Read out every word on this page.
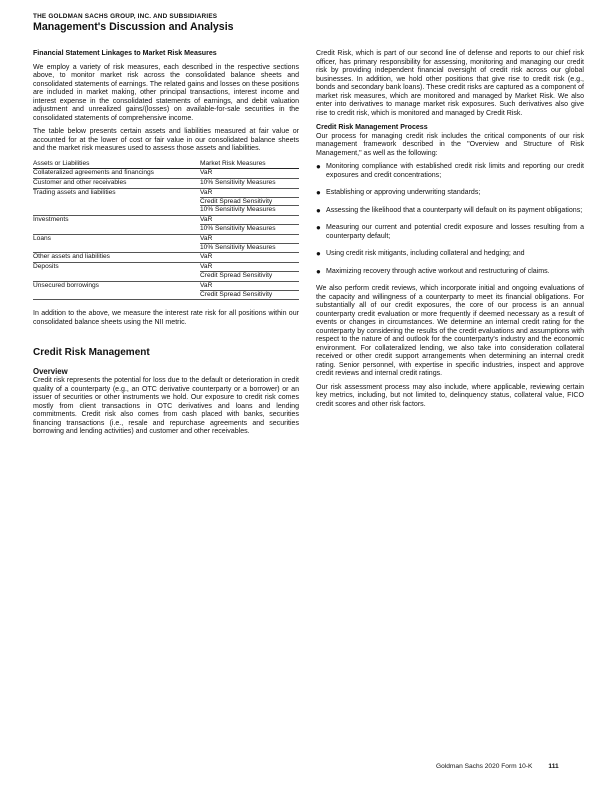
THE GOLDMAN SACHS GROUP, INC. AND SUBSIDIARIES
Management's Discussion and Analysis

Financial Statement Linkages to Market Risk Measures

We employ a variety of risk measures, each described in the respective sections above, to monitor market risk across the consolidated balance sheets and consolidated statements of earnings. The related gains and losses on these positions are included in market making, other principal transactions, interest income and interest expense in the consolidated statements of earnings, and debit valuation adjustment and unrealized gains/(losses) on available-for-sale securities in the consolidated statements of comprehensive income.

The table below presents certain assets and liabilities measured at fair value or accounted for at the lower of cost or fair value in our consolidated balance sheets and the market risk measures used to assess those assets and liabilities.

Assets or Liabilities	Market Risk Measures
Collateralized agreements and financings	VaR

Customer and other receivables	10% Sensitivity Measures

Trading assets and liabilities	VaR
Credit Spread Sensitivity
10% Sensitivity Measures

Investments	VaR
10% Sensitivity Measures

Loans	VaR
10% Sensitivity Measures

Other assets and liabilities	VaR

Deposits	VaR
Credit Spread Sensitivity

Unsecured borrowings	VaR
Credit Spread Sensitivity

In addition to the above, we measure the interest rate risk for all positions within our consolidated balance sheets using the NII metric.

Credit Risk Management
Overview

Credit risk represents the potential for loss due to the default or deterioration in credit quality of a counterparty (e.g., an OTC derivative counterparty or a borrower) or an issuer of securities or other instruments we hold. Our exposure to credit risk comes mostly from client transactions in OTC derivatives and loans and lending commitments. Credit risk also comes from cash placed with banks, securities financing transactions (i.e., resale and repurchase agreements and securities borrowing and lending activities) and customer and other receivables.

Credit Risk, which is part of our second line of defense and reports to our chief risk officer, has primary responsibility for assessing, monitoring and managing our credit risk by providing independent financial oversight of credit risk across our global businesses. In addition, we hold other positions that give rise to credit risk (e.g., bonds and secondary bank loans). These credit risks are captured as a component of market risk measures, which are monitored and managed by Market Risk. We also enter into derivatives to manage market risk exposures. Such derivatives also give rise to credit risk, which is monitored and managed by Credit Risk.

Credit Risk Management Process

Our process for managing credit risk includes the critical components of our risk management framework described in the "Overview and Structure of Risk Management," as well as the following:

● Monitoring compliance with established credit risk limits and reporting our credit exposures and credit concentrations;
● Establishing or approving underwriting standards;
● Assessing the likelihood that a counterparty will default on its payment obligations;
● Measuring our current and potential credit exposure and losses resulting from a counterparty default;
● Using credit risk mitigants, including collateral and hedging; and
● Maximizing recovery through active workout and restructuring of claims.

We also perform credit reviews, which incorporate initial and ongoing evaluations of the capacity and willingness of a counterparty to meet its financial obligations. For substantially all of our credit exposures, the core of our process is an annual counterparty credit evaluation or more frequently if deemed necessary as a result of events or changes in circumstances. We determine an internal credit rating for the counterparty by considering the results of the credit evaluations and assumptions with respect to the nature of and outlook for the counterparty's industry and the economic environment. For collateralized lending, we also take into consideration collateral received or other credit support arrangements when determining an internal credit rating. Senior personnel, with expertise in specific industries, inspect and approve credit reviews and internal credit ratings.

Our risk assessment process may also include, where applicable, reviewing certain key metrics, including, but not limited to, delinquency status, collateral value, FICO credit scores and other risk factors.

Goldman Sachs 2020 Form 10-K 111
